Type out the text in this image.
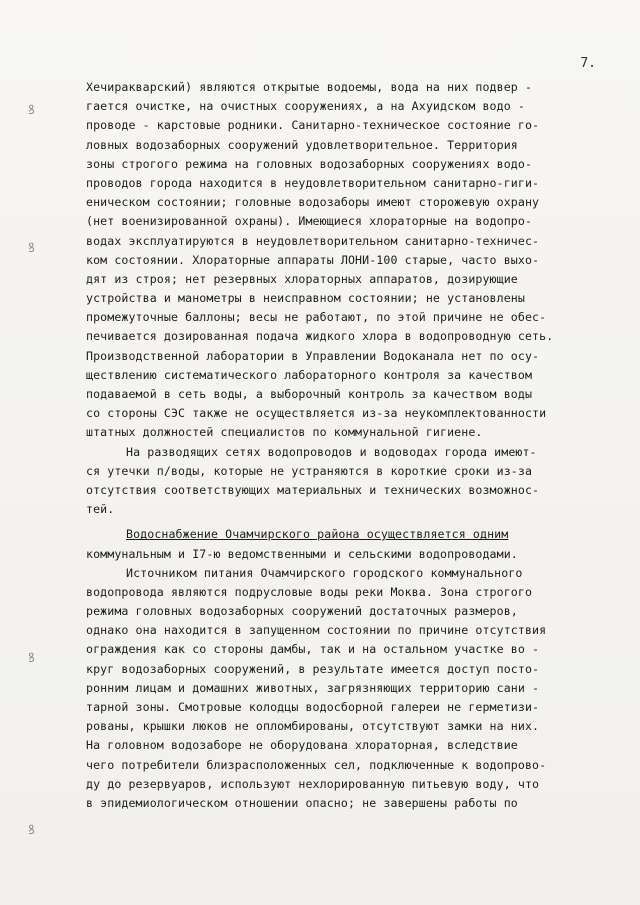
7.
ꝸ
ꝸ
ꝸ
ꝸ
Хечиракварский) являются открытые водоемы, вода на них подвер -
гается очистке, на очистных сооружениях, а на Ахуидском водо -
проводе - карстовые родники. Санитарно-техническое состояние го-
ловных водозаборных сооружений удовлетворительное. Территория
зоны строгого режима на головных водозаборных сооружениях водо-
проводов города находится в неудовлетворительном санитарно-гиги-
еническом состоянии; головные водозаборы имеют сторожевую охрану
(нет военизированной охраны). Имеющиеся хлораторные на водопро-
водах эксплуатируются в неудовлетворительном санитарно-техничес-
ком состоянии. Хлораторные аппараты ЛОНИ-100 старые, часто выхо-
дят из строя; нет резервных хлораторных аппаратов, дозирующие
устройства и манометры в неисправном состоянии; не установлены
промежуточные баллоны; весы не работают, по этой причине не обес-
печивается дозированная подача жидкого хлора в водопроводную сеть.
Производственной лаборатории в Управлении Водоканала нет по осу-
ществлению систематического лабораторного контроля за качеством
подаваемой в сеть воды, а выборочный контроль за качеством воды
со стороны СЭС также не осуществляется из-за неукомплектованности
штатных должностей специалистов по коммунальной гигиене.
На разводящих сетях водопроводов и водоводах города имеют-
ся утечки п/воды, которые не устраняются в короткие сроки из-за
отсутствия соответствующих материальных и технических возможнос-
тей.
Водоснабжение Очамчирского района осуществляется одним
коммунальным и I7-ю ведомственными и сельскими водопроводами.
Источником питания Очамчирского городского коммунального
водопровода являются подрусловые воды реки Моква. Зона строгого
режима головных водозаборных сооружений достаточных размеров,
однако она находится в запущенном состоянии по причине отсутствия
ограждения как со стороны дамбы, так и на остальном участке во -
круг водозаборных сооружений, в результате имеется доступ посто-
ронним лицам и домашних животных, загрязняющих территорию сани -
тарной зоны. Смотровые колодцы водосборной галереи не герметизи-
рованы, крышки люков не опломбированы, отсутствуют замки на них.
На головном водозаборе не оборудована хлораторная, вследствие
чего потребители близрасположенных сел, подключенные к водопрово-
ду до резервуаров, используют нехлорированную питьевую воду, что
в эпидемиологическом отношении опасно; не завершены работы по
